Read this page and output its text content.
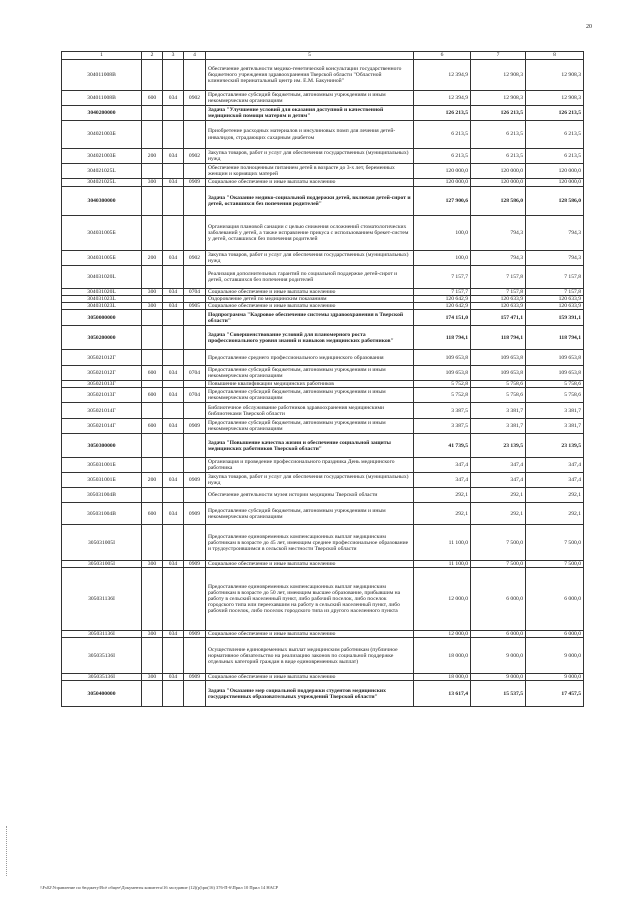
20
1	2	3	4	5	6	7	8
304011008В				Обеспечение деятельности медико-генетической консультации государственного бюджетного учреждения здравоохранения Тверской области "Областной клинический перинатальный центр им. Е.М. Бакуниной"	12 394,9	12 908,3	12 908,3
304011008В	600	034	0902	Предоставление субсидий бюджетным, автономным учреждениям и иным некоммерческим организациям	12 394,9	12 908,3	12 908,3
3040200000				Задача "Улучшение условий для оказания доступной и качественной медицинской помощи матерям и детям"	126 213,5	126 213,5	126 213,5
304021003Б				Приобретение расходных материалов и инсулиновых помп для лечения детей-инвалидов, страдающих сахарным диабетом	6 213,5	6 213,5	6 213,5
304021003Б	200	034	0902	Закупка товаров, работ и услуг для обеспечения государственных (муниципальных) нужд	6 213,5	6 213,5	6 213,5
304021025L				Обеспечение полноценным питанием детей в возрасте до 3-х лет, беременных женщин и кормящих матерей	120 000,0	120 000,0	120 000,0
304021025L	300	034	0909	Социальное обеспечение и иные выплаты населению	120 000,0	120 000,0	120 000,0
3040300000				Задача "Оказание медико-социальной поддержки детей, включая детей-сирот и детей, оставшихся без попечения родителей"	127 900,6	128 586,0	128 586,0
304031005Б				Организация плановой санации с целью снижения осложнений стоматологических заболеваний у детей, а также исправление прикуса с использованием брекет-систем у детей, оставшихся без попечения родителей	100,0	794,3	794,3
304031005Б	200	034	0902	Закупка товаров, работ и услуг для обеспечения государственных (муниципальных) нужд	100,0	794,3	794,3
304031020L				Реализация дополнительных гарантий по социальной поддержке детей-сирот и детей, оставшихся без попечения родителей	7 157,7	7 157,8	7 157,8
304031020L	300	034	0704	Социальное обеспечение и иные выплаты населению	7 157,7	7 157,8	7 157,8
304031023L				Оздоровление детей по медицинским показаниям	120 642,9	120 633,9	120 633,9
304031023L	300	034	0905	Социальное обеспечение и иные выплаты населению	120 642,9	120 633,9	120 633,9
3050000000				Подпрограмма "Кадровое обеспечение системы здравоохранения в Тверской области"	174 151,0	157 471,1	159 391,1
3050200000				Задача "Совершенствование условий для планомерного роста профессионального уровня знаний и навыков медицинских работников"	118 794,1	118 794,1	118 794,1
305021012Г				Предоставление среднего профессионального медицинского образования	109 653,8	109 653,8	109 653,8
305021012Г	600	034	0704	Предоставление субсидий бюджетным, автономным учреждениям и иным некоммерческим организациям	109 653,8	109 653,8	109 653,8
305021013Г				Повышение квалификации медицинских работников	5 752,8	5 758,6	5 758,6
305021013Г	600	034	0704	Предоставление субсидий бюджетным, автономным учреждениям и иным некоммерческим организациям	5 752,8	5 758,6	5 758,6
305021014Г				Библиотечное обслуживание работников здравоохранения медицинскими библиотеками Тверской области	3 387,5	3 381,7	3 381,7
305021014Г	600	034	0909	Предоставление субсидий бюджетным, автономным учреждениям и иным некоммерческим организациям	3 387,5	3 381,7	3 381,7
3050300000				Задача "Повышение качества жизни и обеспечение социальной защиты медицинских работников Тверской области"	41 739,5	23 139,5	23 139,5
305031001Б				Организация и проведение профессионального праздника День медицинского работника	347,4	347,4	347,4
305031001Б	200	034	0909	Закупка товаров, работ и услуг для обеспечения государственных (муниципальных) нужд	347,4	347,4	347,4
305031004В				Обеспечение деятельности музея истории медицины Тверской области	292,1	292,1	292,1
305031004В	600	034	0909	Предоставление субсидий бюджетным, автономным учреждениям и иным некоммерческим организациям	292,1	292,1	292,1
305031005I				Предоставление единовременных компенсационных выплат медицинским работникам в возрасте до 45 лет, имеющим среднее профессиональное образование и трудоустроившимся в сельской местности Тверской области	11 100,0	7 500,0	7 500,0
305031005I	300	034	0909	Социальное обеспечение и иные выплаты населению	11 100,0	7 500,0	7 500,0
305031136I				Предоставление единовременных компенсационных выплат медицинским работникам в возрасте до 50 лет, имеющим высшее образование, прибывшим на работу в сельский населенный пункт, либо рабочий поселок, либо поселок городского типа или переехавшим на работу в сельский населенный пункт, либо рабочий поселок, либо поселок городского типа из другого населенного пункта	12 000,0	6 000,0	6 000,0
305031136I	300	034	0909	Социальное обеспечение и иные выплаты населению	12 000,0	6 000,0	6 000,0
305035136I				Осуществление единовременных выплат медицинским работникам (публичное нормативное обязательство на реализацию законов по социальной поддержке отдельных категорий граждан в виде единовременных выплат)	18 000,0	9 000,0	9 000,0
305035136I	300	034	0909	Социальное обеспечение и иные выплаты населению	18 000,0	9 000,0	9 000,0
3050400000				Задача "Оказание мер социальной поддержки студентов медицинских государственных образовательных учреждений Тверской области"	13 617,4	15 537,5	17 457,5
\\Fs02\Управление по бюджету\Всё общее\Документы комитета\16 заседание (12)(р)\рп(16) 376-П-6\Прил 10 Прил 14 НАСР
